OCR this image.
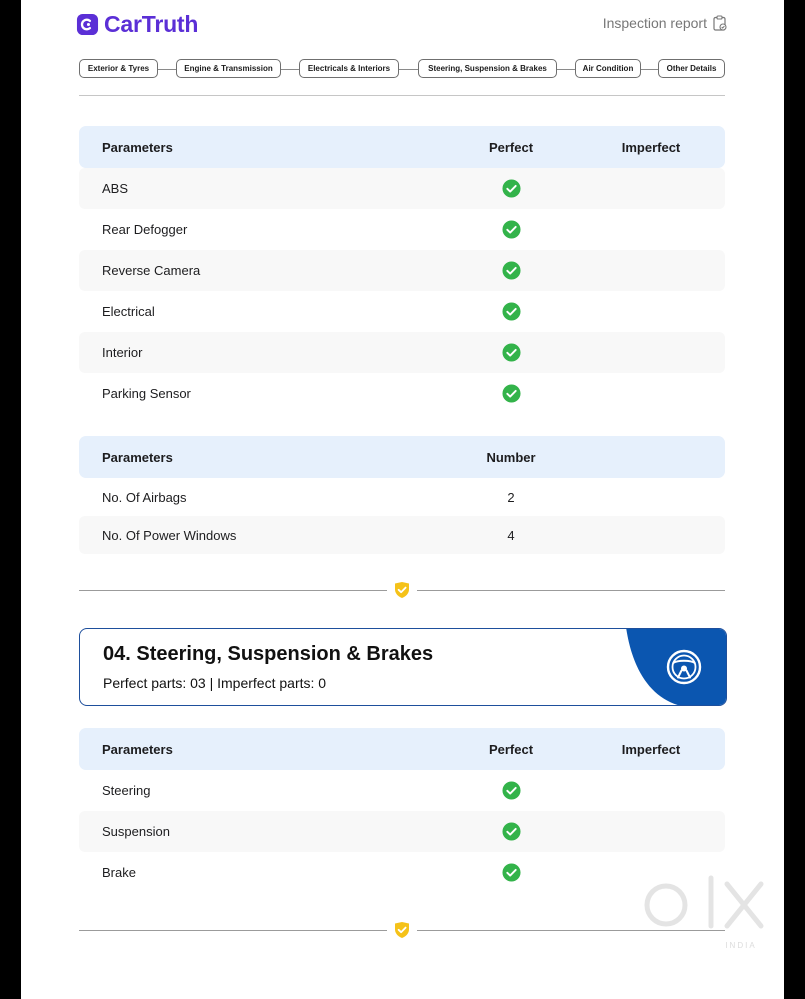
CarTruth	Inspection report
Exterior & Tyres	Engine & Transmission	Electricals & Interiors	Steering, Suspension & Brakes	Air Condition	Other Details
Parameters	Perfect	Imperfect
ABS
Rear Defogger
Reverse Camera
Electrical
Interior
Parking Sensor
Parameters	Number
No. Of Airbags	2
No. Of Power Windows	4
04. Steering, Suspension & Brakes
Perfect parts: 03 | Imperfect parts: 0
Parameters	Perfect	Imperfect
Steering
Suspension
Brake
INDIA
